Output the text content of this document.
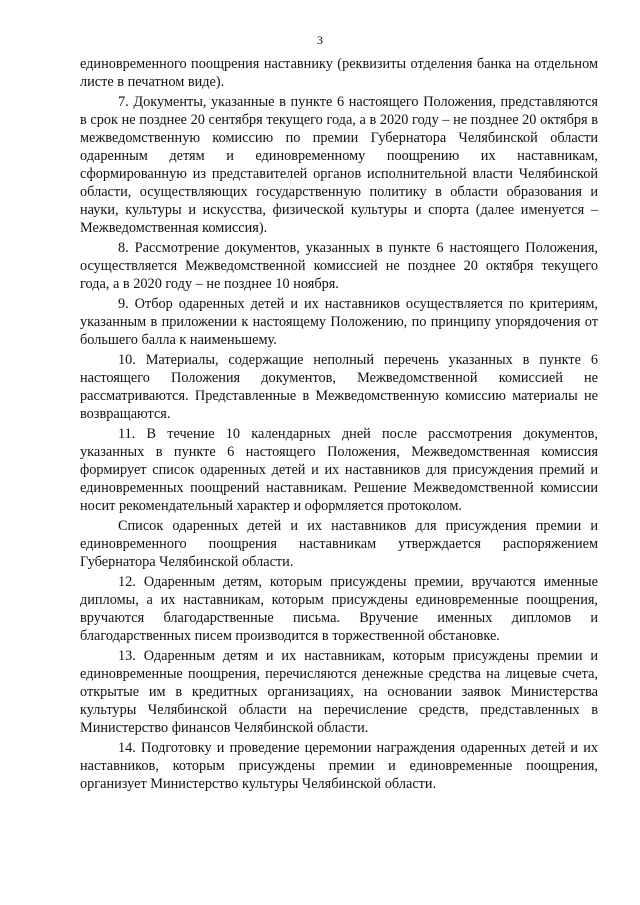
3

единовременного поощрения наставнику (реквизиты отделения банка на отдельном листе в печатном виде).

7. Документы, указанные в пункте 6 настоящего Положения, представляются в срок не позднее 20 сентября текущего года, а в 2020 году – не позднее 20 октября в межведомственную комиссию по премии Губернатора Челябинской области одаренным детям и единовременному поощрению их наставникам, сформированную из представителей органов исполнительной власти Челябинской области, осуществляющих государственную политику в области образования и науки, культуры и искусства, физической культуры и спорта (далее именуется – Межведомственная комиссия).

8. Рассмотрение документов, указанных в пункте 6 настоящего Положения, осуществляется Межведомственной комиссией не позднее 20 октября текущего года, а в 2020 году – не позднее 10 ноября.

9. Отбор одаренных детей и их наставников осуществляется по критериям, указанным в приложении к настоящему Положению, по принципу упорядочения от большего балла к наименьшему.

10. Материалы, содержащие неполный перечень указанных в пункте 6 настоящего Положения документов, Межведомственной комиссией не рассматриваются. Представленные в Межведомственную комиссию материалы не возвращаются.

11. В течение 10 календарных дней после рассмотрения документов, указанных в пункте 6 настоящего Положения, Межведомственная комиссия формирует список одаренных детей и их наставников для присуждения премий и единовременных поощрений наставникам. Решение Межведомственной комиссии носит рекомендательный характер и оформляется протоколом.

Список одаренных детей и их наставников для присуждения премии и единовременного поощрения наставникам утверждается распоряжением Губернатора Челябинской области.

12. Одаренным детям, которым присуждены премии, вручаются именные дипломы, а их наставникам, которым присуждены единовременные поощрения, вручаются благодарственные письма. Вручение именных дипломов и благодарственных писем производится в торжественной обстановке.

13. Одаренным детям и их наставникам, которым присуждены премии и единовременные поощрения, перечисляются денежные средства на лицевые счета, открытые им в кредитных организациях, на основании заявок Министерства культуры Челябинской области на перечисление средств, представленных в Министерство финансов Челябинской области.

14. Подготовку и проведение церемонии награждения одаренных детей и их наставников, которым присуждены премии и единовременные поощрения, организует Министерство культуры Челябинской области.
